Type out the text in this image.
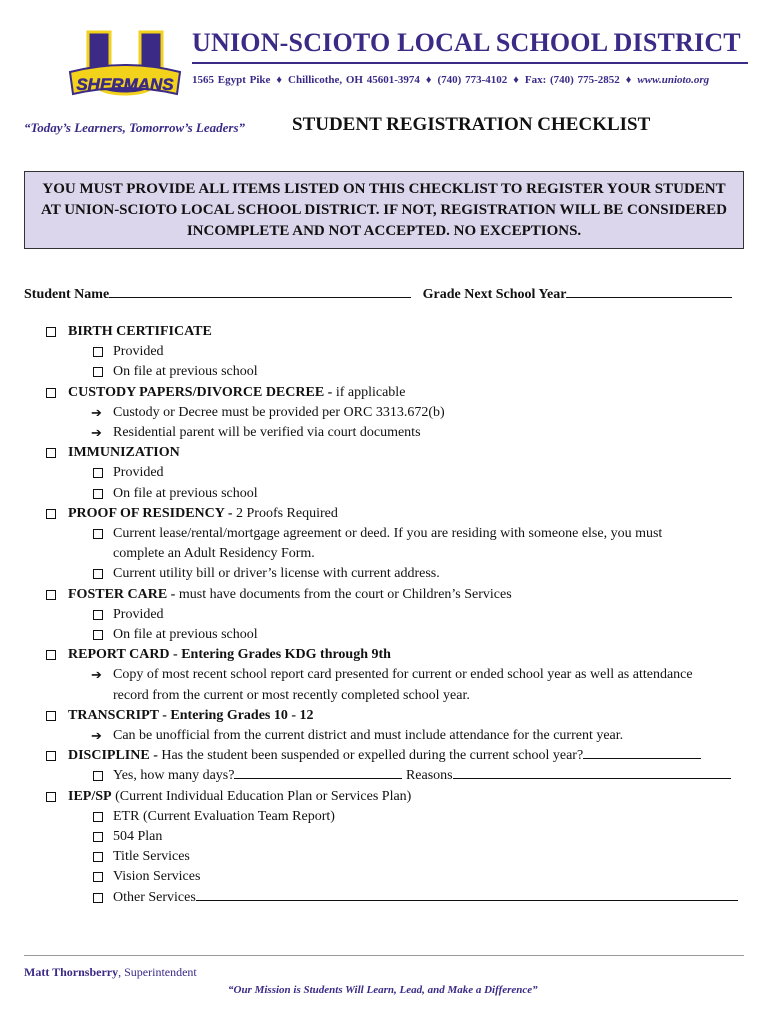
SHERMANS
UNION-SCIOTO LOCAL SCHOOL DISTRICT
1565 Egypt Pike ♦ Chillicothe, OH 45601-3974 ♦ (740) 773-4102 ♦ Fax: (740) 775-2852 ♦ www.unioto.org
“Today’s Learners, Tomorrow’s Leaders” STUDENT REGISTRATION CHECKLIST
YOU MUST PROVIDE ALL ITEMS LISTED ON THIS CHECKLIST TO REGISTER YOUR STUDENT AT UNION-SCIOTO LOCAL SCHOOL DISTRICT. IF NOT, REGISTRATION WILL BE CONSIDERED INCOMPLETE AND NOT ACCEPTED. NO EXCEPTIONS.
Student Name	Grade Next School Year
BIRTH CERTIFICATE
Provided
On file at previous school
CUSTODY PAPERS/DIVORCE DECREE - if applicable
➔ Custody or Decree must be provided per ORC 3313.672(b)
➔ Residential parent will be verified via court documents
IMMUNIZATION
Provided
On file at previous school
PROOF OF RESIDENCY - 2 Proofs Required
Current lease/rental/mortgage agreement or deed. If you are residing with someone else, you must
complete an Adult Residency Form.
Current utility bill or driver’s license with current address.
FOSTER CARE - must have documents from the court or Children’s Services
Provided
On file at previous school
REPORT CARD - Entering Grades KDG through 9th
➔ Copy of most recent school report card presented for current or ended school year as well as attendance
record from the current or most recently completed school year.
TRANSCRIPT - Entering Grades 10 - 12
➔ Can be unofficial from the current district and must include attendance for the current year.
DISCIPLINE - Has the student been suspended or expelled during the current school year?
Yes, how many days?	Reasons
IEP/SP (Current Individual Education Plan or Services Plan)
ETR (Current Evaluation Team Report)
504 Plan
Title Services
Vision Services
Other Services
Matt Thornsberry, Superintendent
“Our Mission is Students Will Learn, Lead, and Make a Difference”
